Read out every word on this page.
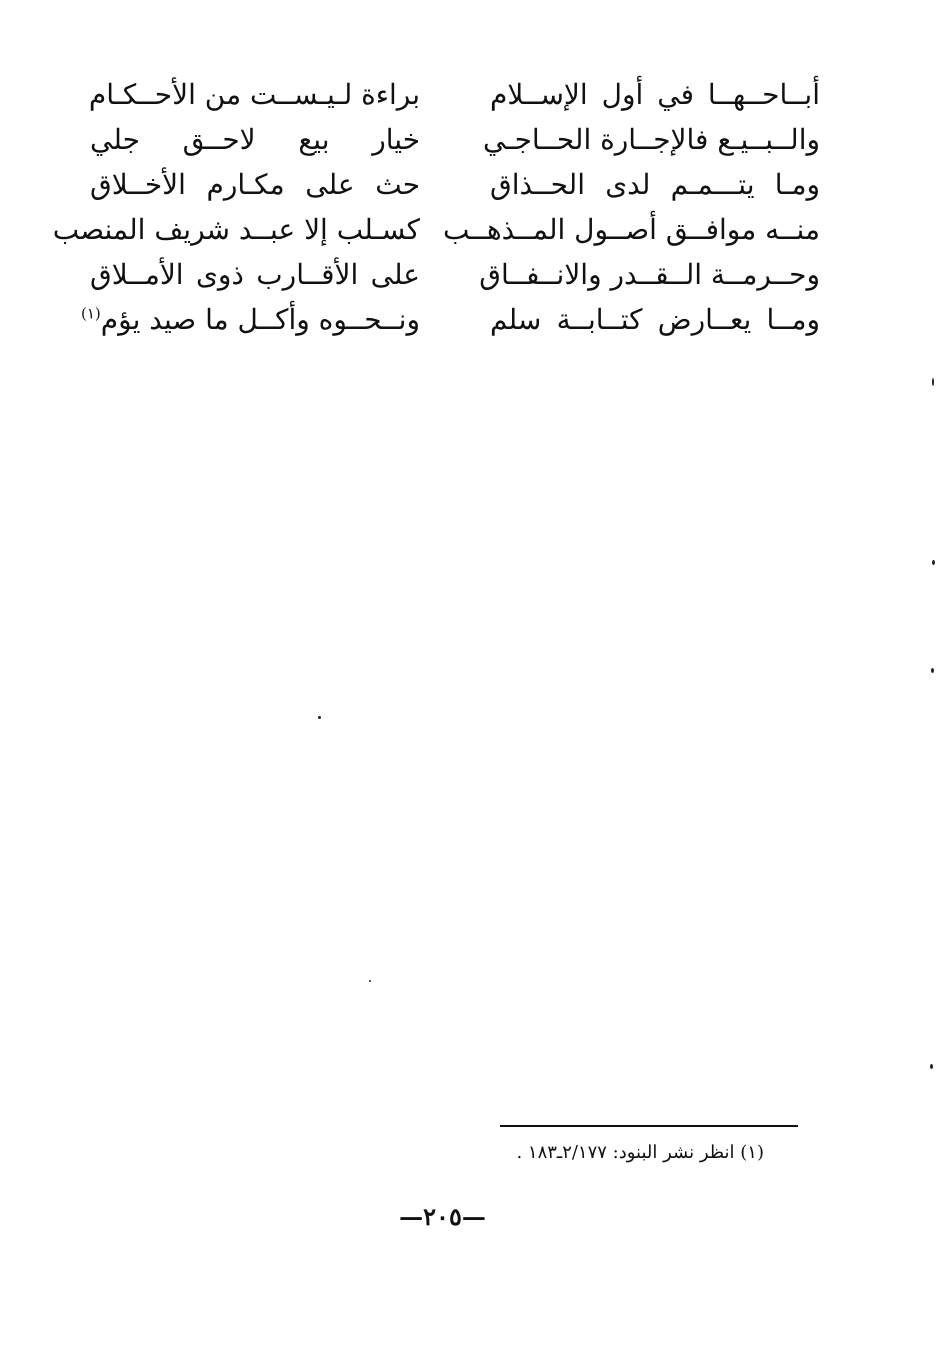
أبــاحــهــا في أول الإســلام
براءة لـيـســت من الأحــكـام
والــبــيـع فالإجــارة الحــاجـي
خيار بيع لاحــق جلي
ومـا يتـــمـم لدى الحــذاق
حث على مكـارم الأخــلاق
منــه موافــق أصــول المــذهــب
كسـلب إلا عبــد شريف المنصب
وحــرمــة الــقــدر والانــفــاق
على الأقــارب ذوى الأمــلاق
ومــا يعــارض كتــابــة سلم
ونــحــوه وأكــل ما صيد يؤم$^{(١)}$
(١) انظر نشر البنود: ٢/١٧٧ـ١٨٣ .
—٢٠٥—
